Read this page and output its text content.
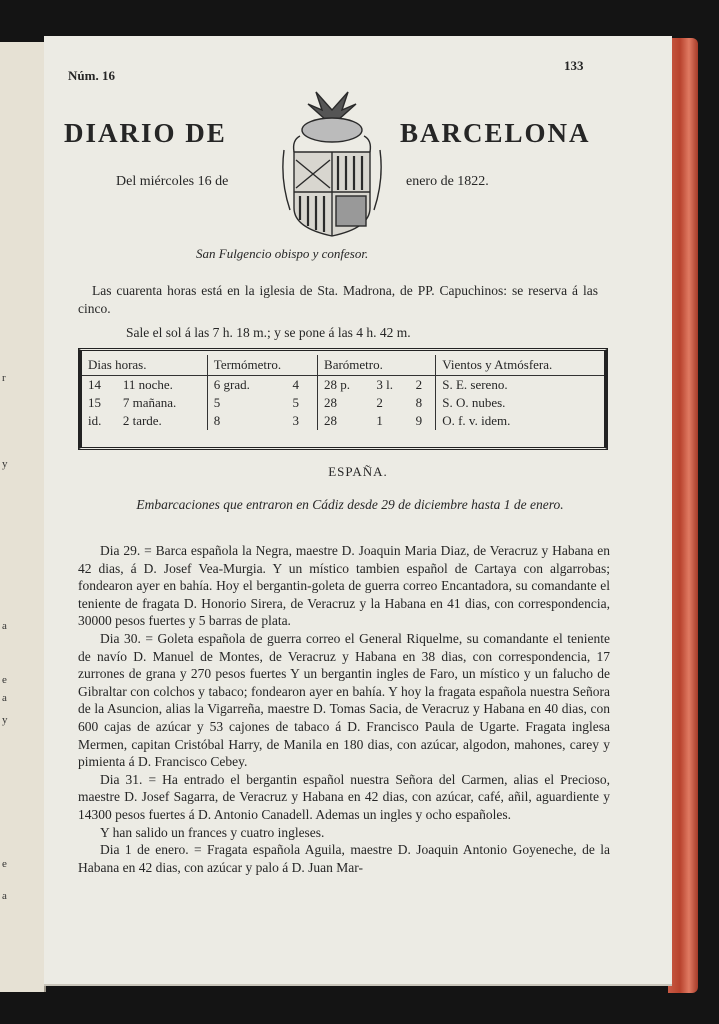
r
y
a
e
a
y
e
a
Núm. 16
133
DIARIO DE	BARCELONA
Del miércoles 16 de	enero de 1822.
San Fulgencio obispo y confesor.
Las cuarenta horas está en la iglesia de Sta. Madrona, de PP. Capuchinos: se reserva á las cinco.
Sale el sol á las 7 h. 18 m.; y se pone á las 4 h. 42 m.
Dias horas.		Termómetro.		Barómetro.			Vientos y Atmósfera.
14	11 noche.	6 grad.	4	28 p.	3 l.	2	S. E. sereno.
15	7 mañana.	5	5	28	2	8	S. O. nubes.
id.	2 tarde.	8	3	28	1	9	O. f. v. idem.
ESPAÑA.
Embarcaciones que entraron en Cádiz desde 29 de diciembre hasta 1 de enero.

Dia 29. = Barca española la Negra, maestre D. Joaquin Maria Diaz, de Veracruz y Habana en 42 dias, á D. Josef Vea-Murgia. Y un místico tambien español de Cartaya con algarrobas; fondearon ayer en bahía. Hoy el bergantin-goleta de guerra correo Encantadora, su comandante el teniente de fragata D. Honorio Sirera, de Veracruz y la Habana en 41 dias, con correspondencia, 30000 pesos fuertes y 5 barras de plata.

Dia 30. = Goleta española de guerra correo el General Riquelme, su comandante el teniente de navío D. Manuel de Montes, de Veracruz y Habana en 38 dias, con correspondencia, 17 zurrones de grana y 270 pesos fuertes Y un bergantin ingles de Faro, un místico y un falucho de Gibraltar con colchos y tabaco; fondearon ayer en bahía. Y hoy la fragata española nuestra Señora de la Asuncion, alias la Vigarreña, maestre D. Tomas Sacia, de Veracruz y Habana en 40 dias, con 600 cajas de azúcar y 53 cajones de tabaco á D. Francisco Paula de Ugarte. Fragata inglesa Mermen, capitan Cristóbal Harry, de Manila en 180 dias, con azúcar, algodon, mahones, carey y pimienta á D. Francisco Cebey.

Dia 31. = Ha entrado el bergantin español nuestra Señora del Carmen, alias el Precioso, maestre D. Josef Sagarra, de Veracruz y Habana en 42 dias, con azúcar, café, añil, aguardiente y 14300 pesos fuertes á D. Antonio Canadell. Ademas un ingles y ocho españoles.

Y han salido un frances y cuatro ingleses.

Dia 1 de enero. = Fragata española Aguila, maestre D. Joaquin Antonio Goyeneche, de la Habana en 42 dias, con azúcar y palo á D. Juan Mar-
